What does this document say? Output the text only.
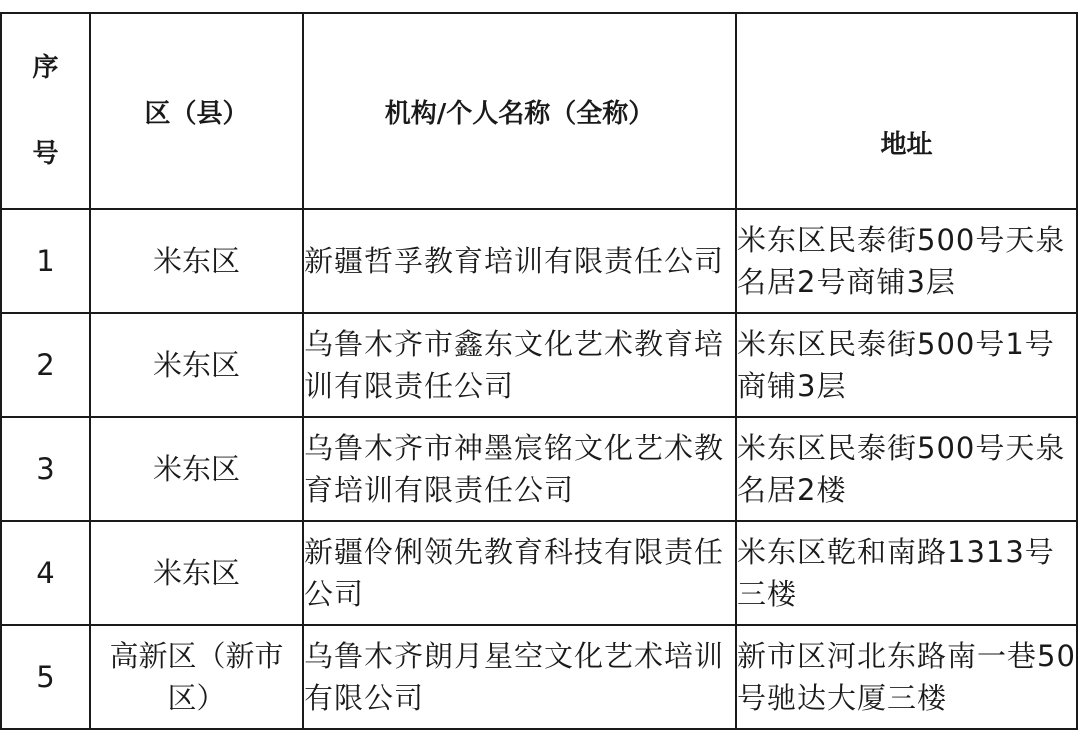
序号	区（县）	机构/个人名称（全称）	地址
1	米东区	新疆哲孚教育培训有限责任公司	米东区民泰街500号天泉名居2号商铺3层

2	米东区	乌鲁木齐市鑫东文化艺术教育培训有限责任公司	米东区民泰街500号1号商铺3层

3	米东区	乌鲁木齐市神墨宸铭文化艺术教育培训有限责任公司	米东区民泰街500号天泉名居2楼

4	米东区	新疆伶俐领先教育科技有限责任公司	米东区乾和南路1313号三楼

5	高新区（新市区）	乌鲁木齐朗月星空文化艺术培训有限公司	新市区河北东路南一巷50号驰达大厦三楼
